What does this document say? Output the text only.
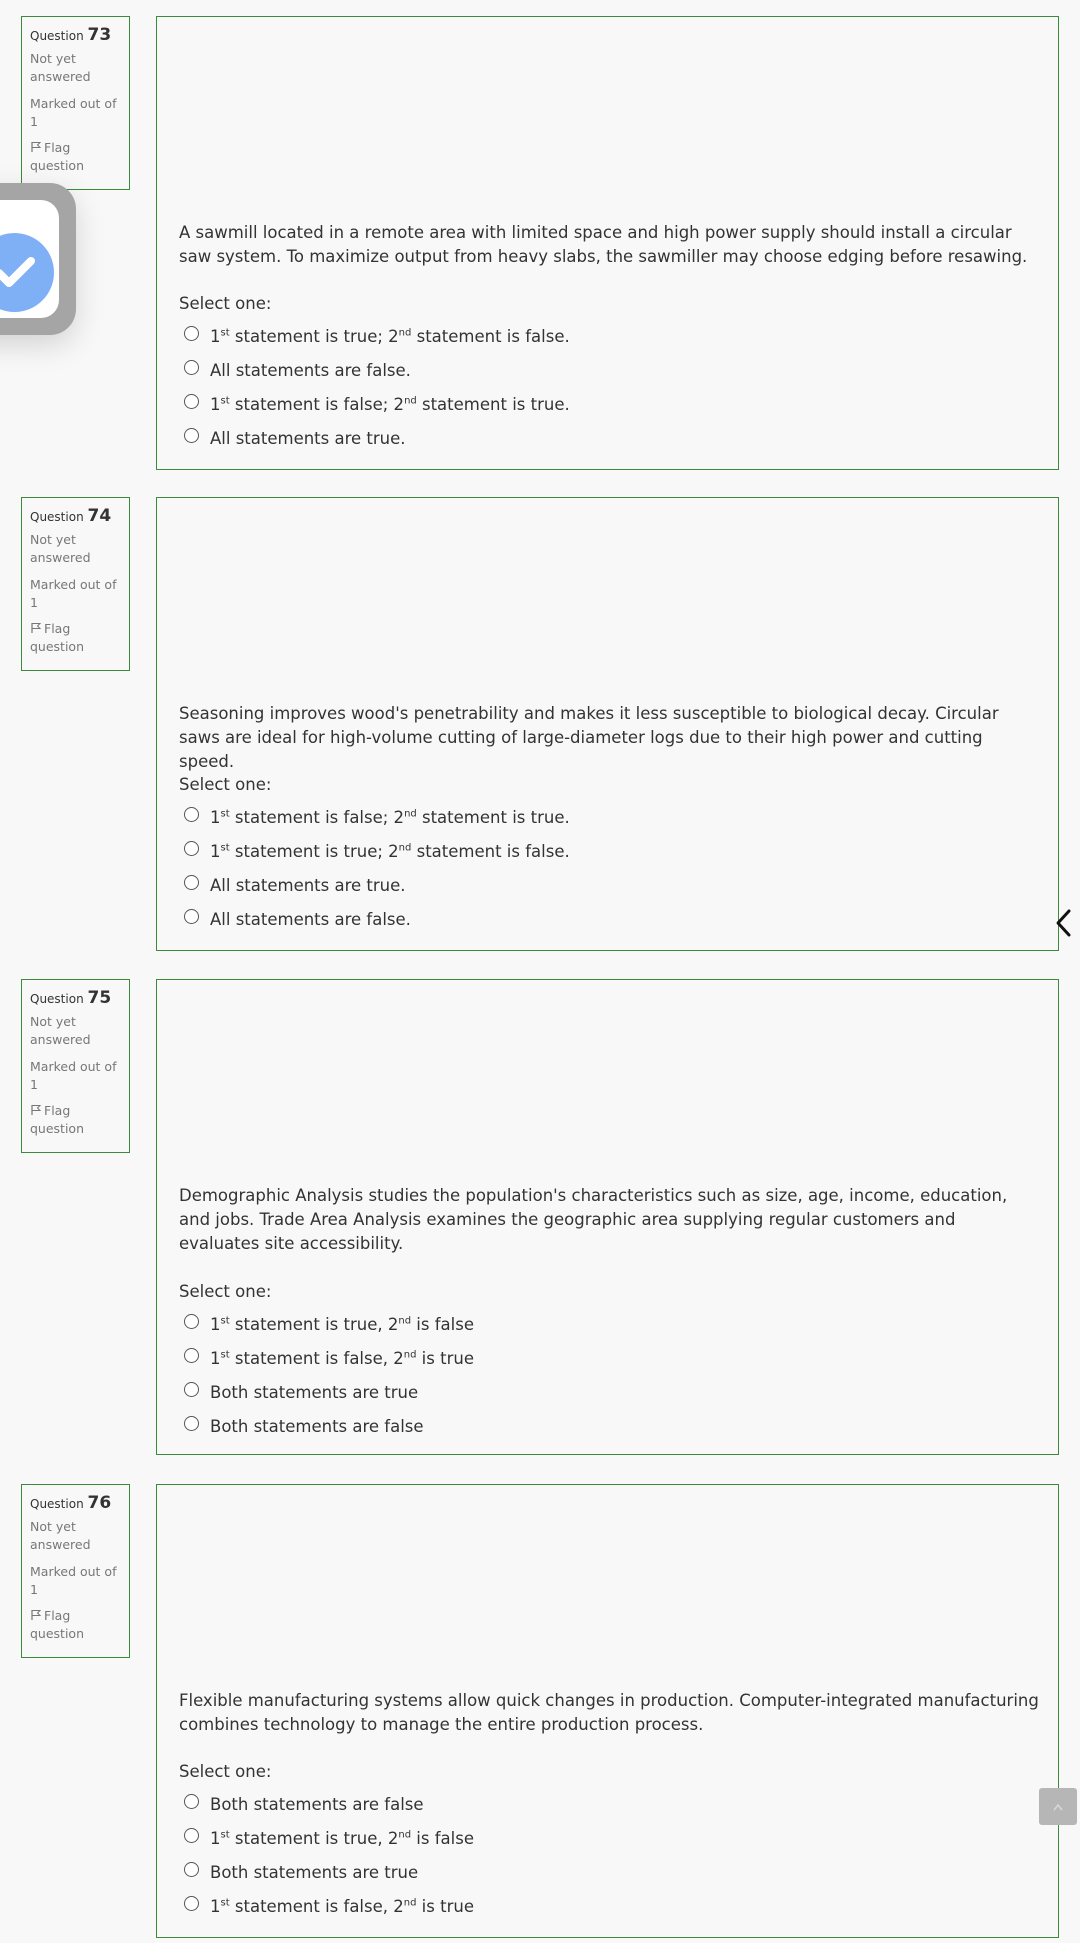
Question 73
Not yet answered
Marked out of 1
Flag question
A sawmill located in a remote area with limited space and high power supply should install a circular saw system. To maximize output from heavy slabs, the sawmiller may choose edging before resawing.
Select one:
1st statement is true; 2nd statement is false.
All statements are false.
1st statement is false; 2nd statement is true.
All statements are true.
Question 74
Not yet answered
Marked out of 1
Flag question
Seasoning improves wood's penetrability and makes it less susceptible to biological decay. Circular saws are ideal for high-volume cutting of large-diameter logs due to their high power and cutting speed.
Select one:
1st statement is false; 2nd statement is true.
1st statement is true; 2nd statement is false.
All statements are true.
All statements are false.
Question 75
Not yet answered
Marked out of 1
Flag question
Demographic Analysis studies the population's characteristics such as size, age, income, education, and jobs. Trade Area Analysis examines the geographic area supplying regular customers and evaluates site accessibility.
Select one:
1st statement is true, 2nd is false
1st statement is false, 2nd is true
Both statements are true
Both statements are false
Question 76
Not yet answered
Marked out of 1
Flag question
Flexible manufacturing systems allow quick changes in production. Computer-integrated manufacturing combines technology to manage the entire production process.
Select one:
Both statements are false
1st statement is true, 2nd is false
Both statements are true
1st statement is false, 2nd is true
